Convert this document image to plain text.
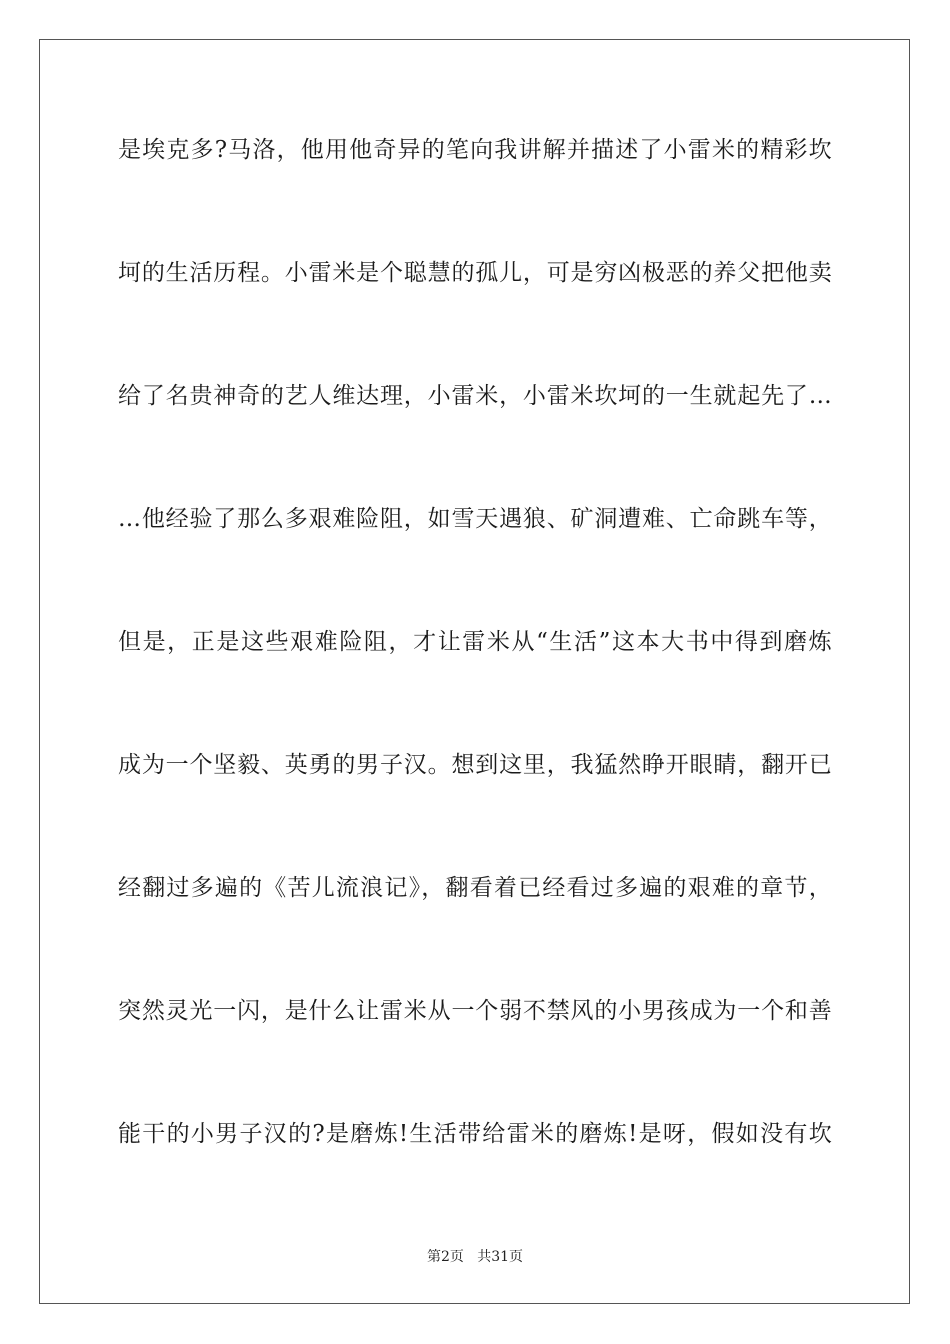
是埃克多?马洛，他用他奇异的笔向我讲解并描述了小雷米的精彩坎
坷的生活历程。小雷米是个聪慧的孤儿，可是穷凶极恶的养父把他卖
给了名贵神奇的艺人维达理，小雷米，小雷米坎坷的一生就起先了…
…他经验了那么多艰难险阻，如雪天遇狼、矿洞遭难、亡命跳车等，
但是，正是这些艰难险阻，才让雷米从“生活”这本大书中得到磨炼
成为一个坚毅、英勇的男子汉。想到这里，我猛然睁开眼睛，翻开已
经翻过多遍的《苦儿流浪记》，翻看着已经看过多遍的艰难的章节，
突然灵光一闪，是什么让雷米从一个弱不禁风的小男孩成为一个和善
能干的小男子汉的?是磨炼!生活带给雷米的磨炼!是呀，假如没有坎
第2页   共31页
